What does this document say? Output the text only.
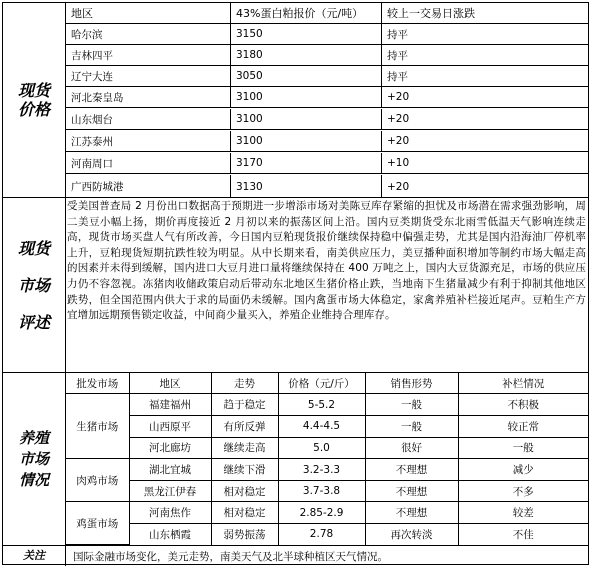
现货价格
地区	43%蛋白粕报价（元/吨）	较上一交易日涨跌
哈尔滨	3150	持平
吉林四平	3180	持平
辽宁大连	3050	持平
河北秦皇岛	3100	+20
山东烟台	3100	+20
江苏泰州	3100	+20
河南周口	3170	+10
广西防城港	3130	+20
现货市场评述
受美国普查局 2 月份出口数据高于预期进一步增添市场对美陈豆库存紧缩的担忧及市场潜在需求强劲影响，周二美豆小幅上扬，期价再度接近 2 月初以来的振荡区间上沿。国内豆类期货受东北雨雪低温天气影响连续走高，现货市场买盘人气有所改善，今日国内豆粕现货报价继续保持稳中偏强走势，尤其是国内沿海油厂停机率上升，豆粕现货短期抗跌性较为明显。从中长期来看，南美供应压力，美豆播种面积增加等制约市场大幅走高的因素并未得到缓解，国内进口大豆月进口量将继续保持在 400 万吨之上，国内大豆货源充足，市场的供应压力仍不容忽视。冻猪肉收储政策启动后带动东北地区生猪价格止跌，当地南下生猪量减少有利于抑制其他地区跌势，但全国范围内供大于求的局面仍未缓解。国内禽蛋市场大体稳定，家禽养殖补栏接近尾声。豆粕生产方宜增加远期预售锁定收益，中间商少量买入，养殖企业维持合理库存。
养殖市场情况
批发市场	地区	走势	价格（元/斤）	销售形势	补栏情况
生猪市场	福建福州	趋于稳定	5-5.2	一般	不积极
	山西原平	有所反弹	4.4-4.5	一般	较正常
	河北廊坊	继续走高	5.0	很好	一般
肉鸡市场	湖北宜城	继续下滑	3.2-3.3	不理想	减少
	黑龙江伊春	相对稳定	3.7-3.8	不理想	不多
鸡蛋市场	河南焦作	相对稳定	2.85-2.9	不理想	较差
	山东栖霞	弱势振荡	2.78	再次转淡	不佳
关注	国际金融市场变化，美元走势，南美天气及北半球种植区天气情况。
